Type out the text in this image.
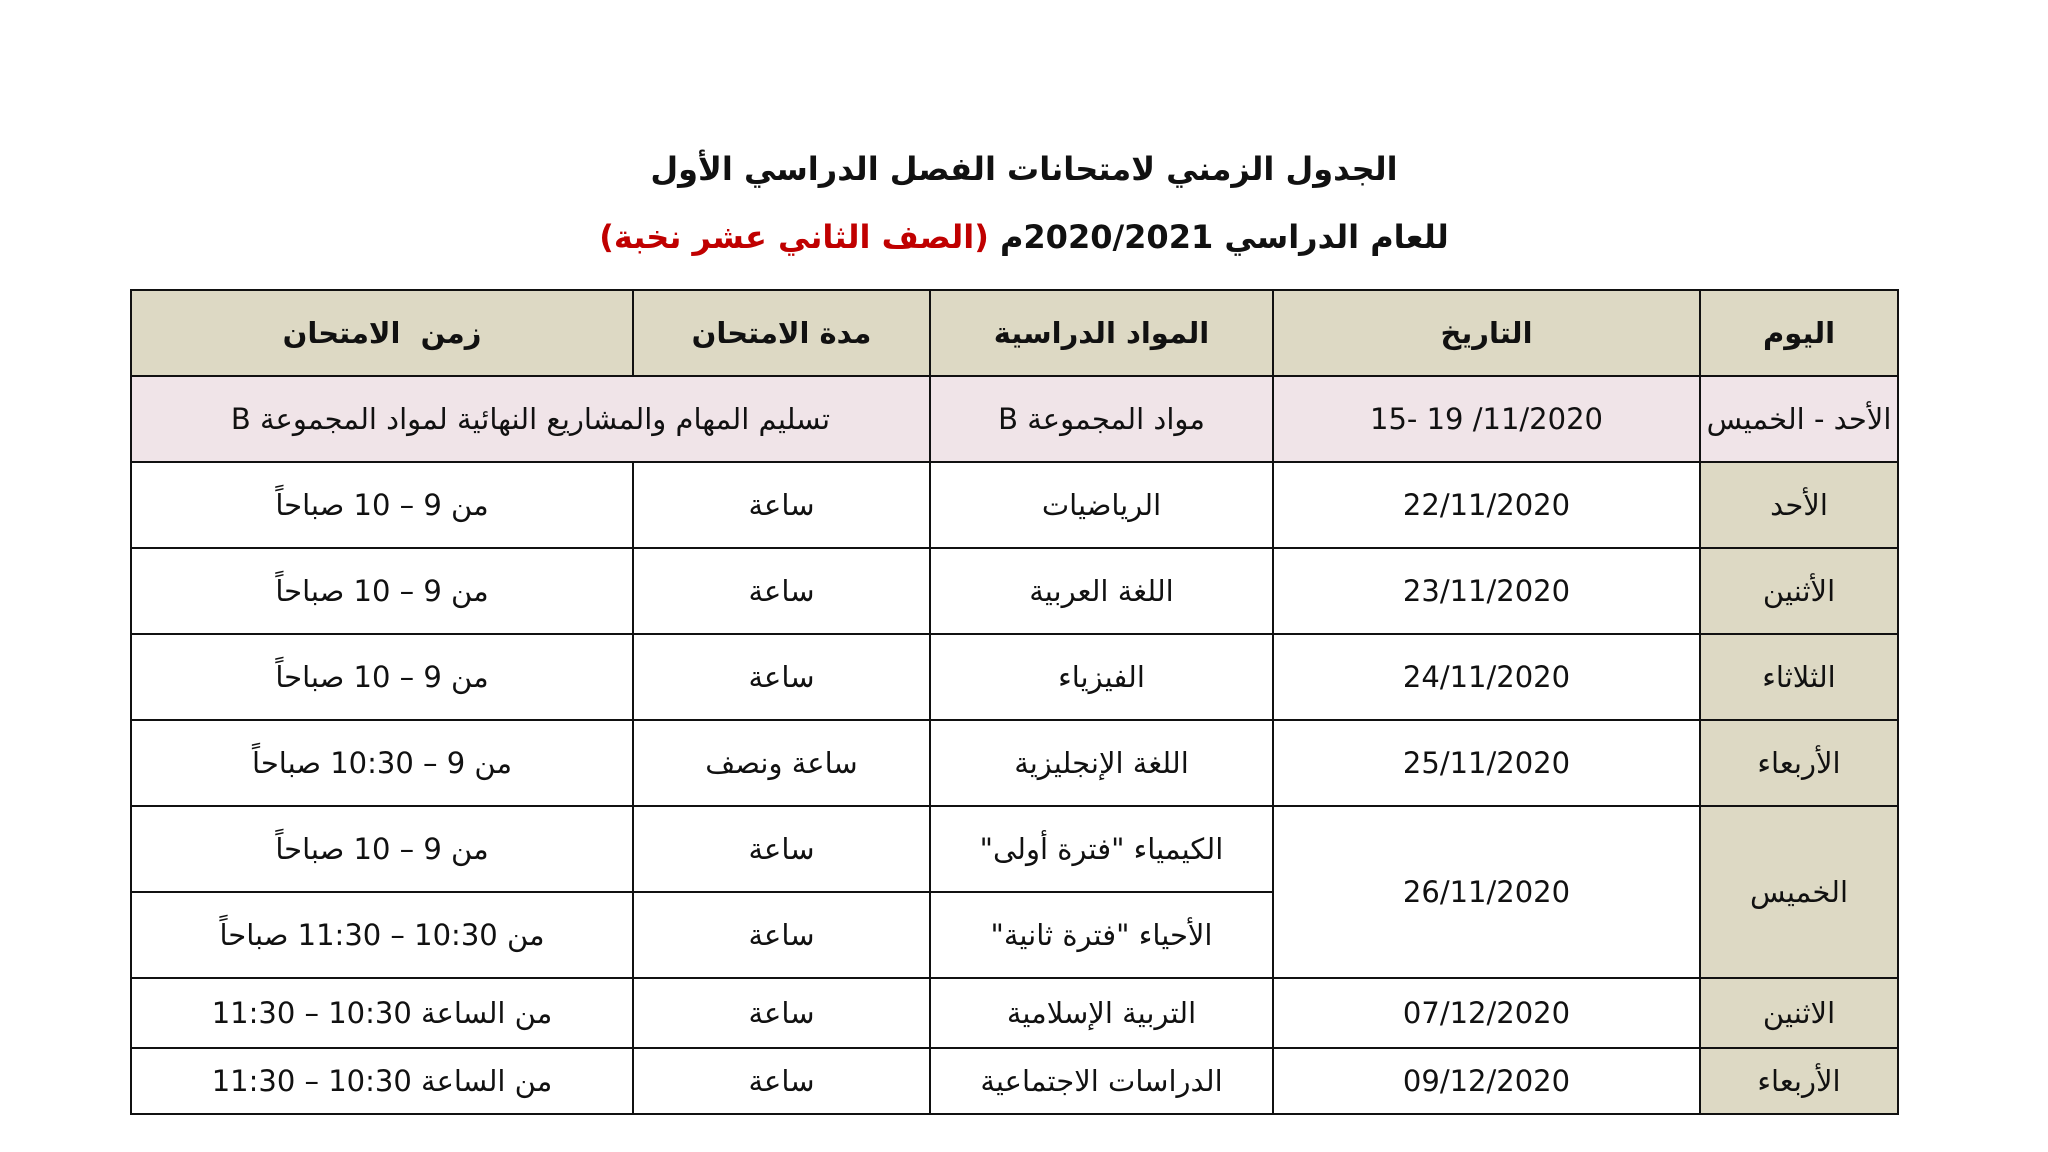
الجدول الزمني لامتحانات الفصل الدراسي الأول
للعام الدراسي 2020/2021م (الصف الثاني عشر نخبة)
اليوم	التاريخ	المواد الدراسية	مدة الامتحان	زمن  الامتحان
الأحد - الخميس	15- 19 /11/2020	مواد المجموعة B	تسليم المهام والمشاريع النهائية لمواد المجموعة B	
الأحد	22/11/2020	الرياضيات	ساعة	من 9 – 10 صباحاً
الأثنين	23/11/2020	اللغة العربية	ساعة	من 9 – 10 صباحاً
الثلاثاء	24/11/2020	الفيزياء	ساعة	من 9 – 10 صباحاً
الأربعاء	25/11/2020	اللغة الإنجليزية	ساعة ونصف	من 9 – 10:30 صباحاً
الخميس	26/11/2020	الكيمياء "فترة أولى"	ساعة	من 9 – 10 صباحاً
		الأحياء "فترة ثانية"	ساعة	من 10:30 – 11:30 صباحاً
الاثنين	07/12/2020	التربية الإسلامية	ساعة	من الساعة 10:30 – 11:30
الأربعاء	09/12/2020	الدراسات الاجتماعية	ساعة	من الساعة 10:30 – 11:30
